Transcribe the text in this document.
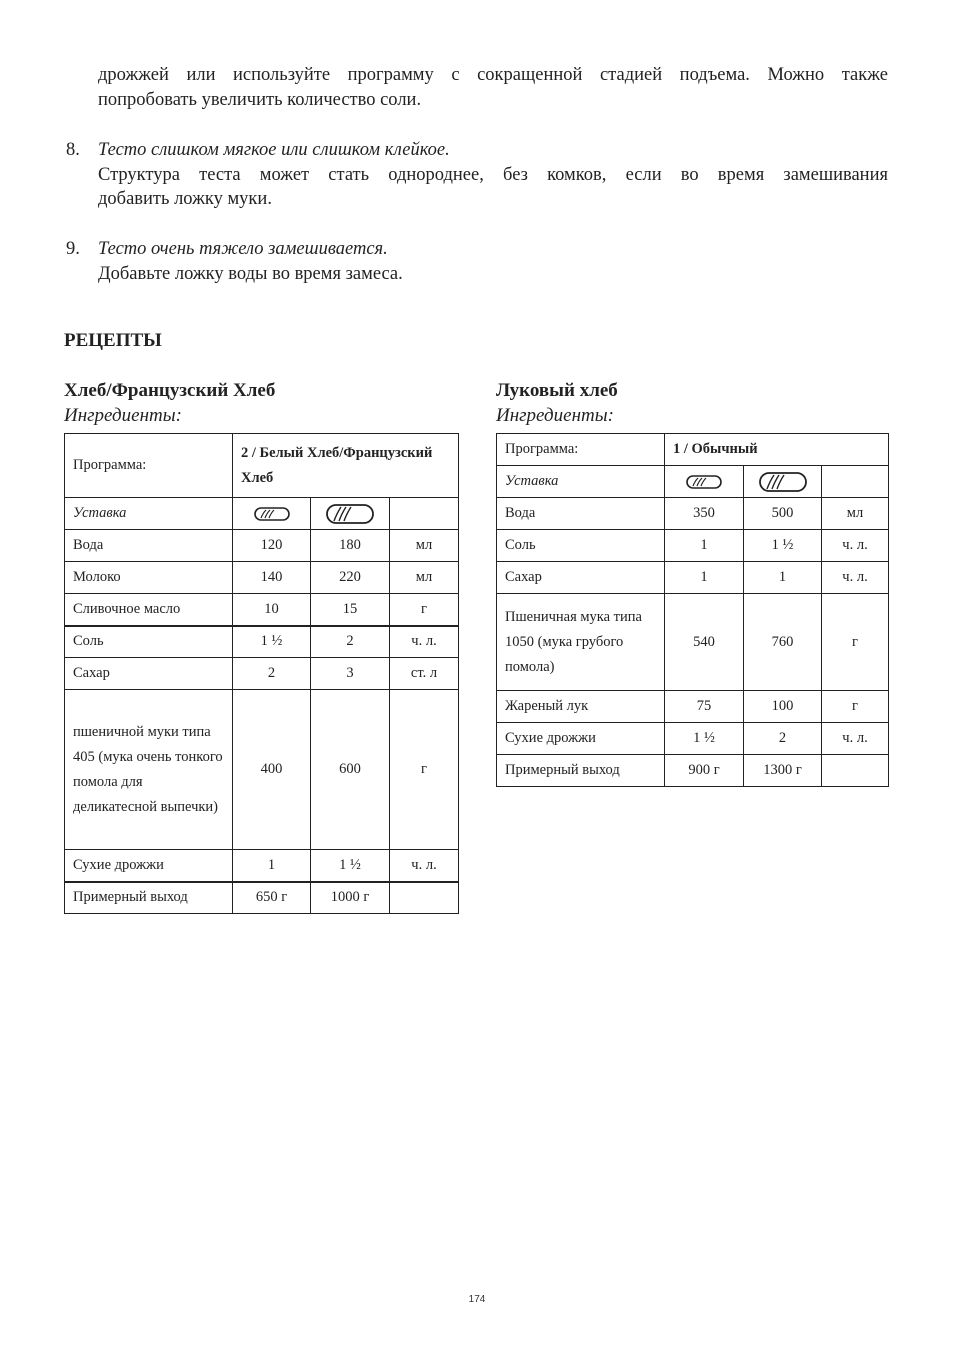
дрожжей или используйте программу с сокращенной стадией подъема. Можно также
попробовать увеличить количество соли.
8. Тесто слишком мягкое или слишком клейкое.
Структура теста может стать однороднее, без комков, если во время замешивания
добавить ложку муки.
9. Тесто очень тяжело замешивается.
Добавьте ложку воды во время замеса.
РЕЦЕПТЫ
Хлеб/Французский Хлеб
Ингредиенты:
Луковый хлеб
Ингредиенты:
Программа:	2 / Белый Хлеб/Французский Хлеб		
Уставка	

Вода	120	180	мл
Молоко	140	220	мл
Сливочное масло	10	15	г
Соль	1 ½	2	ч. л.
Сахар	2	3	ст. л
пшеничной муки типа 405 (мука очень тонкого помола для деликатесной выпечки)	400	600	г
Сухие дрожжи	1	1 ½	ч. л.
Примерный выход	650 г	1000 г	
Программа:	1 / Обычный		
Уставка	

Вода	350	500	мл
Соль	1	1 ½	ч. л.
Сахар	1	1	ч. л.
Пшеничная мука типа 1050 (мука грубого помола)	540	760	г
Жареный лук	75	100	г
Сухие дрожжи	1 ½	2	ч. л.
Примерный выход	900 г	1300 г	
174
